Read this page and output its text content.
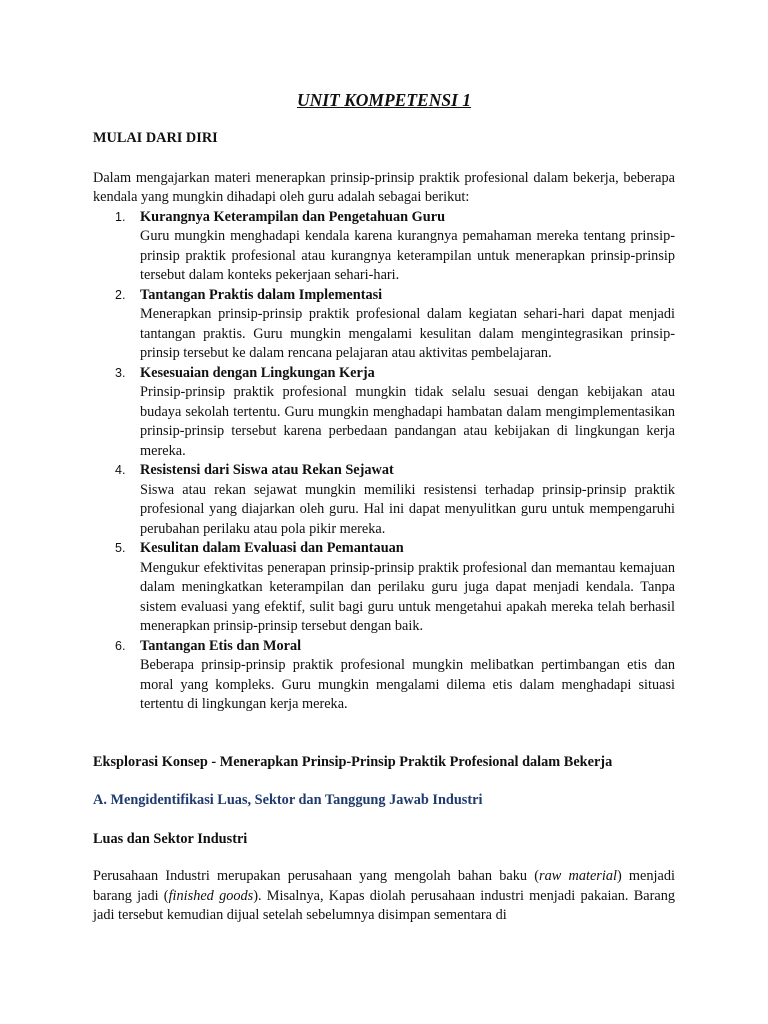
UNIT KOMPETENSI 1

MULAI DARI DIRI

Dalam mengajarkan materi menerapkan prinsip-prinsip praktik profesional dalam bekerja, beberapa kendala yang mungkin dihadapi oleh guru adalah sebagai berikut:

1. Kurangnya Keterampilan dan Pengetahuan Guru
Guru mungkin menghadapi kendala karena kurangnya pemahaman mereka tentang prinsip-prinsip praktik profesional atau kurangnya keterampilan untuk menerapkan prinsip-prinsip tersebut dalam konteks pekerjaan sehari-hari.
2. Tantangan Praktis dalam Implementasi
Menerapkan prinsip-prinsip praktik profesional dalam kegiatan sehari-hari dapat menjadi tantangan praktis. Guru mungkin mengalami kesulitan dalam mengintegrasikan prinsip-prinsip tersebut ke dalam rencana pelajaran atau aktivitas pembelajaran.
3. Kesesuaian dengan Lingkungan Kerja
Prinsip-prinsip praktik profesional mungkin tidak selalu sesuai dengan kebijakan atau budaya sekolah tertentu. Guru mungkin menghadapi hambatan dalam mengimplementasikan prinsip-prinsip tersebut karena perbedaan pandangan atau kebijakan di lingkungan kerja mereka.
4. Resistensi dari Siswa atau Rekan Sejawat
Siswa atau rekan sejawat mungkin memiliki resistensi terhadap prinsip-prinsip praktik profesional yang diajarkan oleh guru. Hal ini dapat menyulitkan guru untuk mempengaruhi perubahan perilaku atau pola pikir mereka.
5. Kesulitan dalam Evaluasi dan Pemantauan
Mengukur efektivitas penerapan prinsip-prinsip praktik profesional dan memantau kemajuan dalam meningkatkan keterampilan dan perilaku guru juga dapat menjadi kendala. Tanpa sistem evaluasi yang efektif, sulit bagi guru untuk mengetahui apakah mereka telah berhasil menerapkan prinsip-prinsip tersebut dengan baik.
6. Tantangan Etis dan Moral
Beberapa prinsip-prinsip praktik profesional mungkin melibatkan pertimbangan etis dan moral yang kompleks. Guru mungkin mengalami dilema etis dalam menghadapi situasi tertentu di lingkungan kerja mereka.

Eksplorasi Konsep - Menerapkan Prinsip-Prinsip Praktik Profesional dalam Bekerja

A. Mengidentifikasi Luas, Sektor dan Tanggung Jawab Industri

Luas dan Sektor Industri

Perusahaan Industri merupakan perusahaan yang mengolah bahan baku (raw material) menjadi barang jadi (finished goods). Misalnya, Kapas diolah perusahaan industri menjadi pakaian. Barang jadi tersebut kemudian dijual setelah sebelumnya disimpan sementara di
